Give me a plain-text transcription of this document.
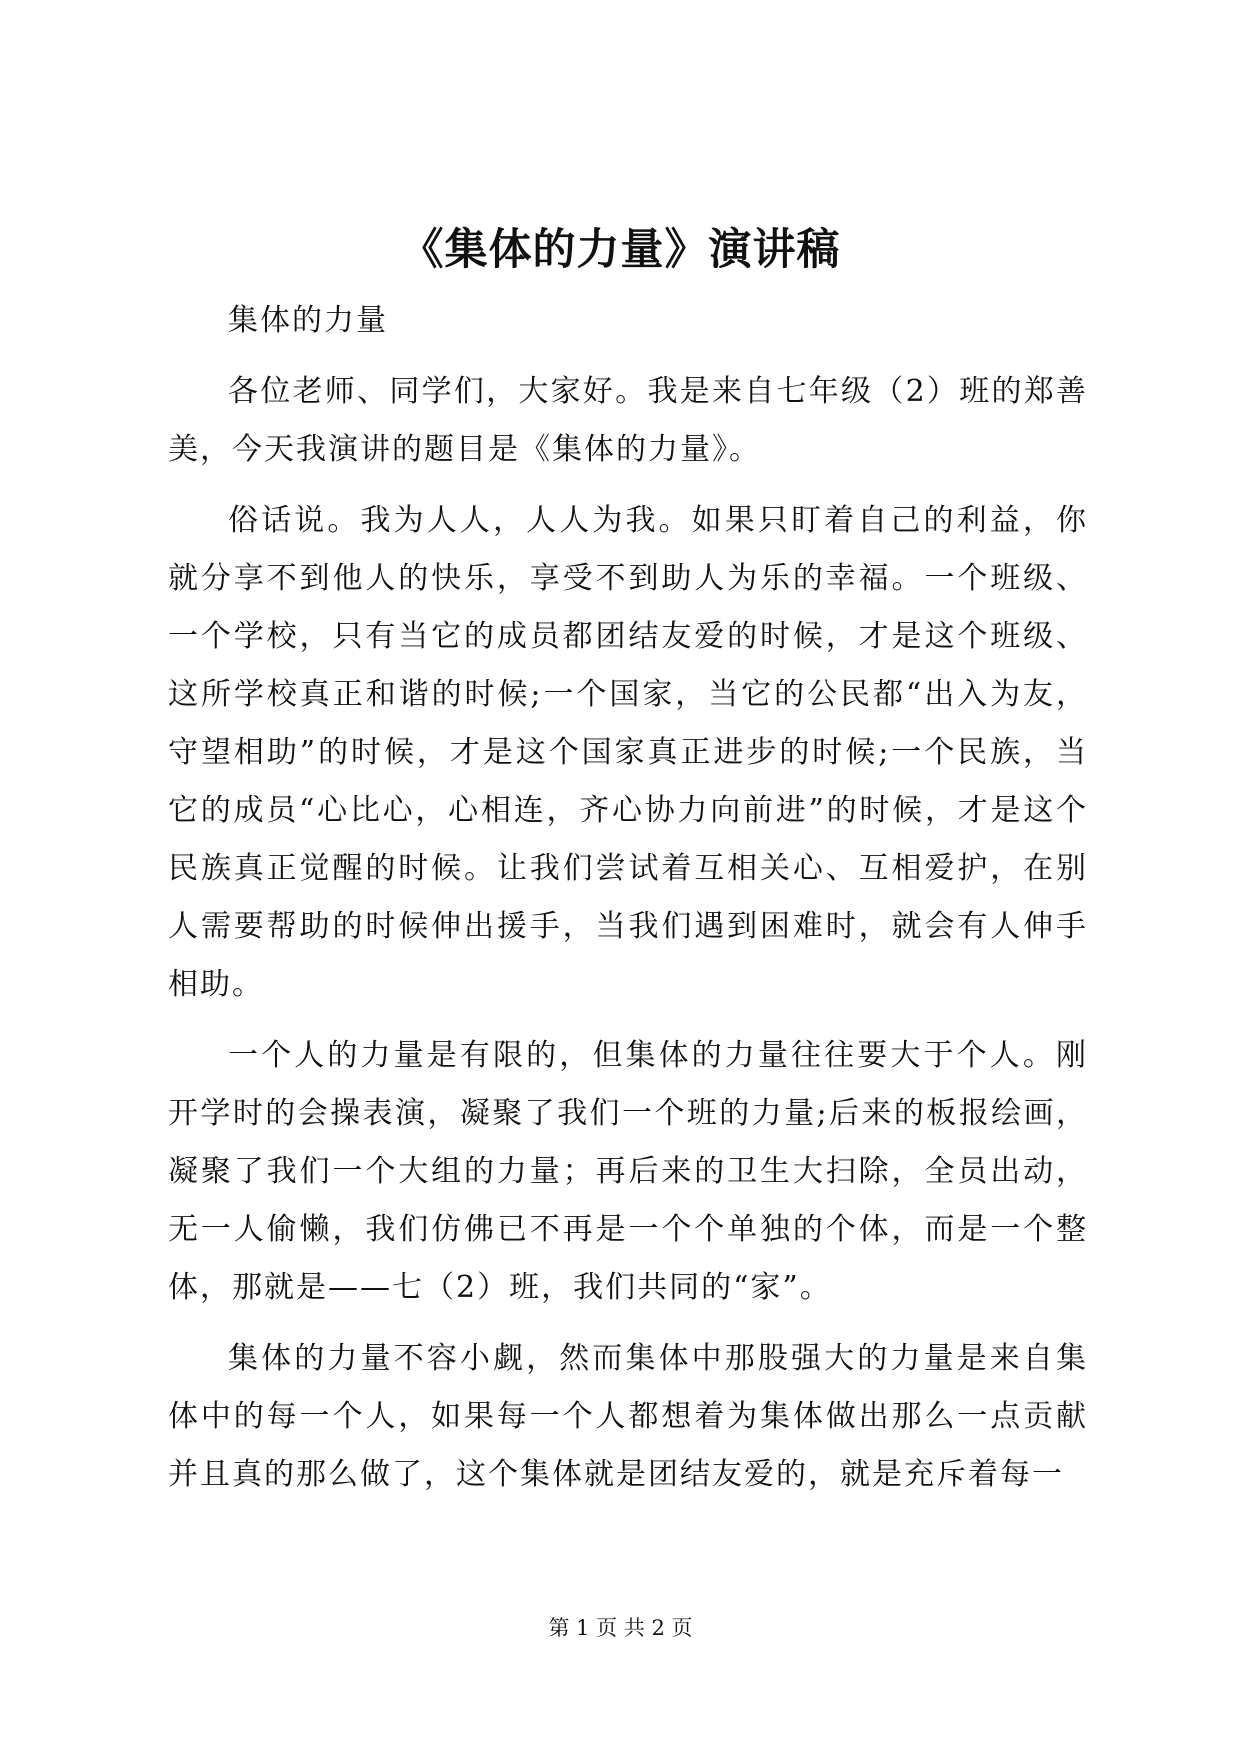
《集体的力量》演讲稿

集体的力量

各位老师、同学们，大家好。我是来自七年级（2）班的郑善美，今天我演讲的题目是《集体的力量》。

俗话说。我为人人，人人为我。如果只盯着自己的利益，你就分享不到他人的快乐，享受不到助人为乐的幸福。一个班级、一个学校，只有当它的成员都团结友爱的时候，才是这个班级、这所学校真正和谐的时候;一个国家，当它的公民都“出入为友，守望相助”的时候，才是这个国家真正进步的时候;一个民族，当它的成员“心比心，心相连，齐心协力向前进”的时候，才是这个民族真正觉醒的时候。让我们尝试着互相关心、互相爱护，在别人需要帮助的时候伸出援手，当我们遇到困难时，就会有人伸手相助。

一个人的力量是有限的，但集体的力量往往要大于个人。刚开学时的会操表演，凝聚了我们一个班的力量;后来的板报绘画，凝聚了我们一个大组的力量；再后来的卫生大扫除，全员出动，无一人偷懒，我们仿佛已不再是一个个单独的个体，而是一个整体，那就是——七（2）班，我们共同的“家”。

集体的力量不容小觑，然而集体中那股强大的力量是来自集体中的每一个人，如果每一个人都想着为集体做出那么一点贡献并且真的那么做了，这个集体就是团结友爱的，就是充斥着每一

第 1 页 共 2 页
